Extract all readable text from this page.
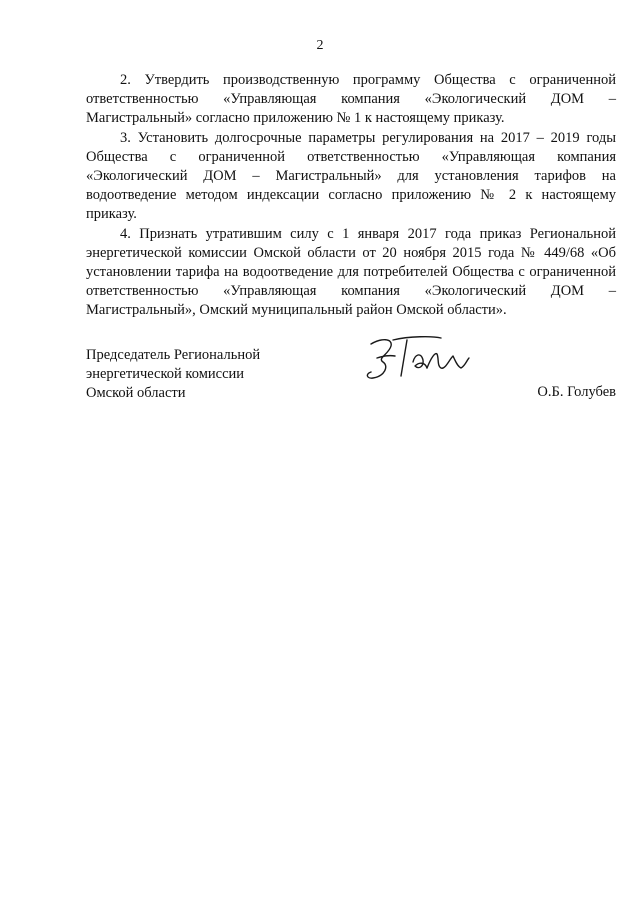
2

2. Утвердить производственную программу Общества с ограниченной ответственностью «Управляющая компания «Экологический ДОМ – Магистральный» согласно приложению № 1 к настоящему приказу.

3. Установить долгосрочные параметры регулирования на 2017 – 2019 годы Общества с ограниченной ответственностью «Управляющая компания «Экологический ДОМ – Магистральный» для установления тарифов на водоотведение методом индексации согласно приложению № 2 к настоящему приказу.

4. Признать утратившим силу с 1 января 2017 года приказ Региональной энергетической комиссии Омской области от 20 ноября 2015 года № 449/68 «Об установлении тарифа на водоотведение для потребителей Общества с ограниченной ответственностью «Управляющая компания «Экологический ДОМ – Магистральный», Омский муниципальный район Омской области».

Председатель Региональной
энергетической комиссии
Омской области	О.Б. Голубев
